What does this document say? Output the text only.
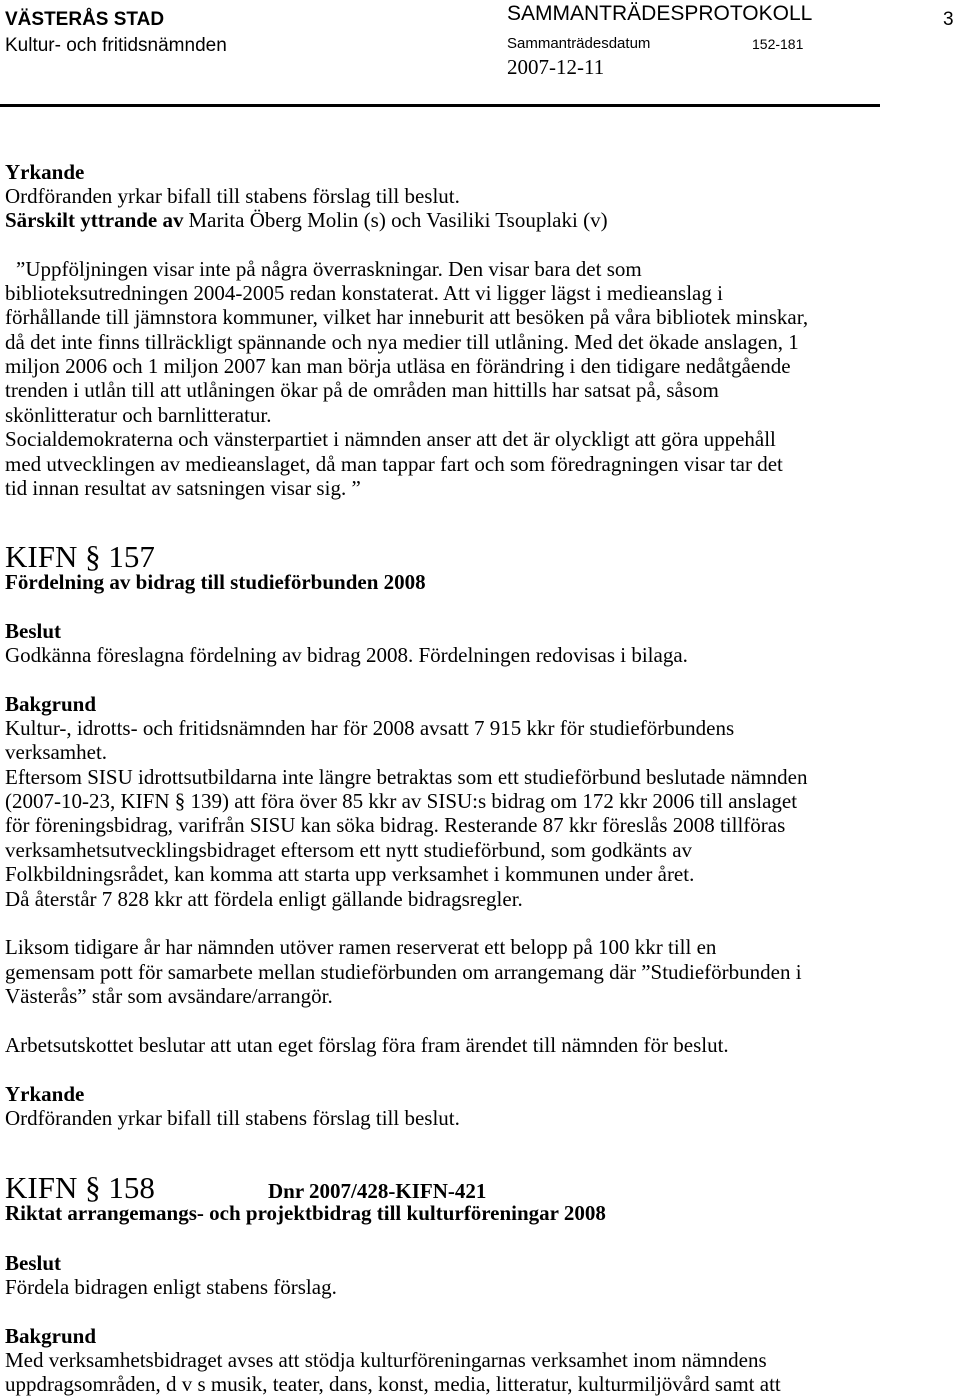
VÄSTERÅS STAD
Kultur- och fritidsnämnden
SAMMANTRÄDESPROTOKOLL
Sammanträdesdatum	152-181
2007-12-11
3
Yrkande
Ordföranden yrkar bifall till stabens förslag till beslut.
Särskilt yttrande av Marita Öberg Molin (s) och Vasiliki Tsouplaki (v)
”Uppföljningen visar inte på några överraskningar. Den visar bara det som
biblioteksutredningen 2004-2005 redan konstaterat. Att vi ligger lägst i medieanslag i
förhållande till jämnstora kommuner, vilket har inneburit att besöken på våra bibliotek minskar,
då det inte finns tillräckligt spännande och nya medier till utlåning. Med det ökade anslagen, 1
miljon 2006 och 1 miljon 2007 kan man börja utläsa en förändring i den tidigare nedåtgående
trenden i utlån till att utlåningen ökar på de områden man hittills har satsat på, såsom
skönlitteratur och barnlitteratur.
Socialdemokraterna och vänsterpartiet i nämnden anser att det är olyckligt att göra uppehåll
med utvecklingen av medieanslaget, då man tappar fart och som föredragningen visar tar det
tid innan resultat av satsningen visar sig. ”
KIFN § 157
Fördelning av bidrag till studieförbunden 2008
Beslut
Godkänna föreslagna fördelning av bidrag 2008. Fördelningen redovisas i bilaga.
Bakgrund
Kultur-, idrotts- och fritidsnämnden har för 2008 avsatt 7 915 kkr för studieförbundens
verksamhet.
Eftersom SISU idrottsutbildarna inte längre betraktas som ett studieförbund beslutade nämnden
(2007-10-23, KIFN § 139) att föra över 85 kkr av SISU:s bidrag om 172 kkr 2006 till anslaget
för föreningsbidrag, varifrån SISU kan söka bidrag. Resterande 87 kkr föreslås 2008 tillföras
verksamhetsutvecklingsbidraget eftersom ett nytt studieförbund, som godkänts av
Folkbildningsrådet, kan komma att starta upp verksamhet i kommunen under året.
Då återstår 7 828 kkr att fördela enligt gällande bidragsregler.
Liksom tidigare år har nämnden utöver ramen reserverat ett belopp på 100 kkr till en
gemensam pott för samarbete mellan studieförbunden om arrangemang där ”Studieförbunden i
Västerås” står som avsändare/arrangör.
Arbetsutskottet beslutar att utan eget förslag föra fram ärendet till nämnden för beslut.
Yrkande
Ordföranden yrkar bifall till stabens förslag till beslut.
KIFN § 158	Dnr 2007/428-KIFN-421
Riktat arrangemangs- och projektbidrag till kulturföreningar 2008
Beslut
Fördela bidragen enligt stabens förslag.
Bakgrund
Med verksamhetsbidraget avses att stödja kulturföreningarnas verksamhet inom nämndens
uppdragsområden, d v s musik, teater, dans, konst, media, litteratur, kulturmiljövård samt att
